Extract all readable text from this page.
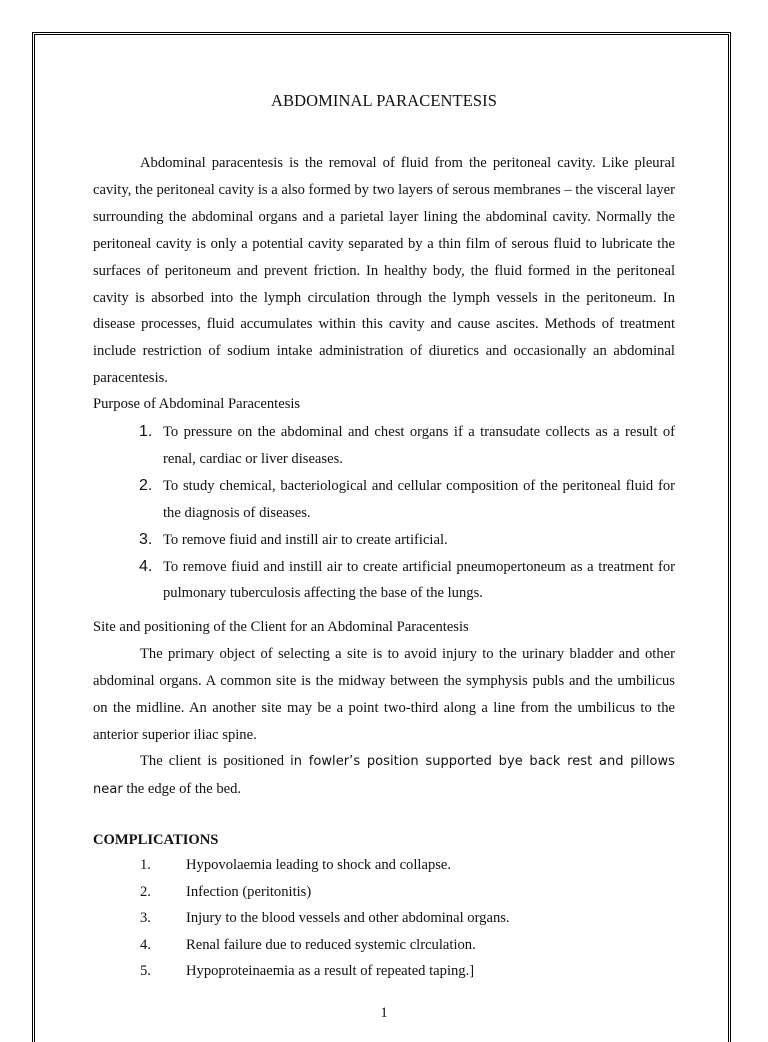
ABDOMINAL PARACENTESIS

Abdominal paracentesis is the removal of fluid from the peritoneal cavity. Like pleural cavity, the peritoneal cavity is a also formed by two layers of serous membranes – the visceral layer surrounding the abdominal organs and a parietal layer lining the abdominal cavity. Normally the peritoneal cavity is only a potential cavity separated by a thin film of serous fluid to lubricate the surfaces of peritoneum and prevent friction. In healthy body, the fluid formed in the peritoneal cavity is absorbed into the lymph circulation through the lymph vessels in the peritoneum. In disease processes, fluid accumulates within this cavity and cause ascites. Methods of treatment include restriction of sodium intake administration of diuretics and occasionally an abdominal paracentesis.

Purpose of Abdominal Paracentesis

1. To pressure on the abdominal and chest organs if a transudate collects as a result of renal, cardiac or liver diseases.
2. To study chemical, bacteriological and cellular composition of the peritoneal fluid for the diagnosis of diseases.
3. To remove fiuid and instill air to create artificial.
4. To remove fiuid and instill air to create artificial pneumopertoneum as a treatment for pulmonary tuberculosis affecting the base of the lungs.

Site and positioning of the Client for an Abdominal Paracentesis

The primary object of selecting a site is to avoid injury to the urinary bladder and other abdominal organs. A common site is the midway between the symphysis publs and the umbilicus on the midline. An another site may be a point two-third along a line from the umbilicus to the anterior superior iliac spine.

The client is positioned in fowler’s position supported bye back rest and pillows near the edge of the bed.

COMPLICATIONS

1. Hypovolaemia leading to shock and collapse.
2. Infection (peritonitis)
3. Injury to the blood vessels and other abdominal organs.
4. Renal failure due to reduced systemic clrculation.
5. Hypoproteinaemia as a result of repeated taping.]
1
